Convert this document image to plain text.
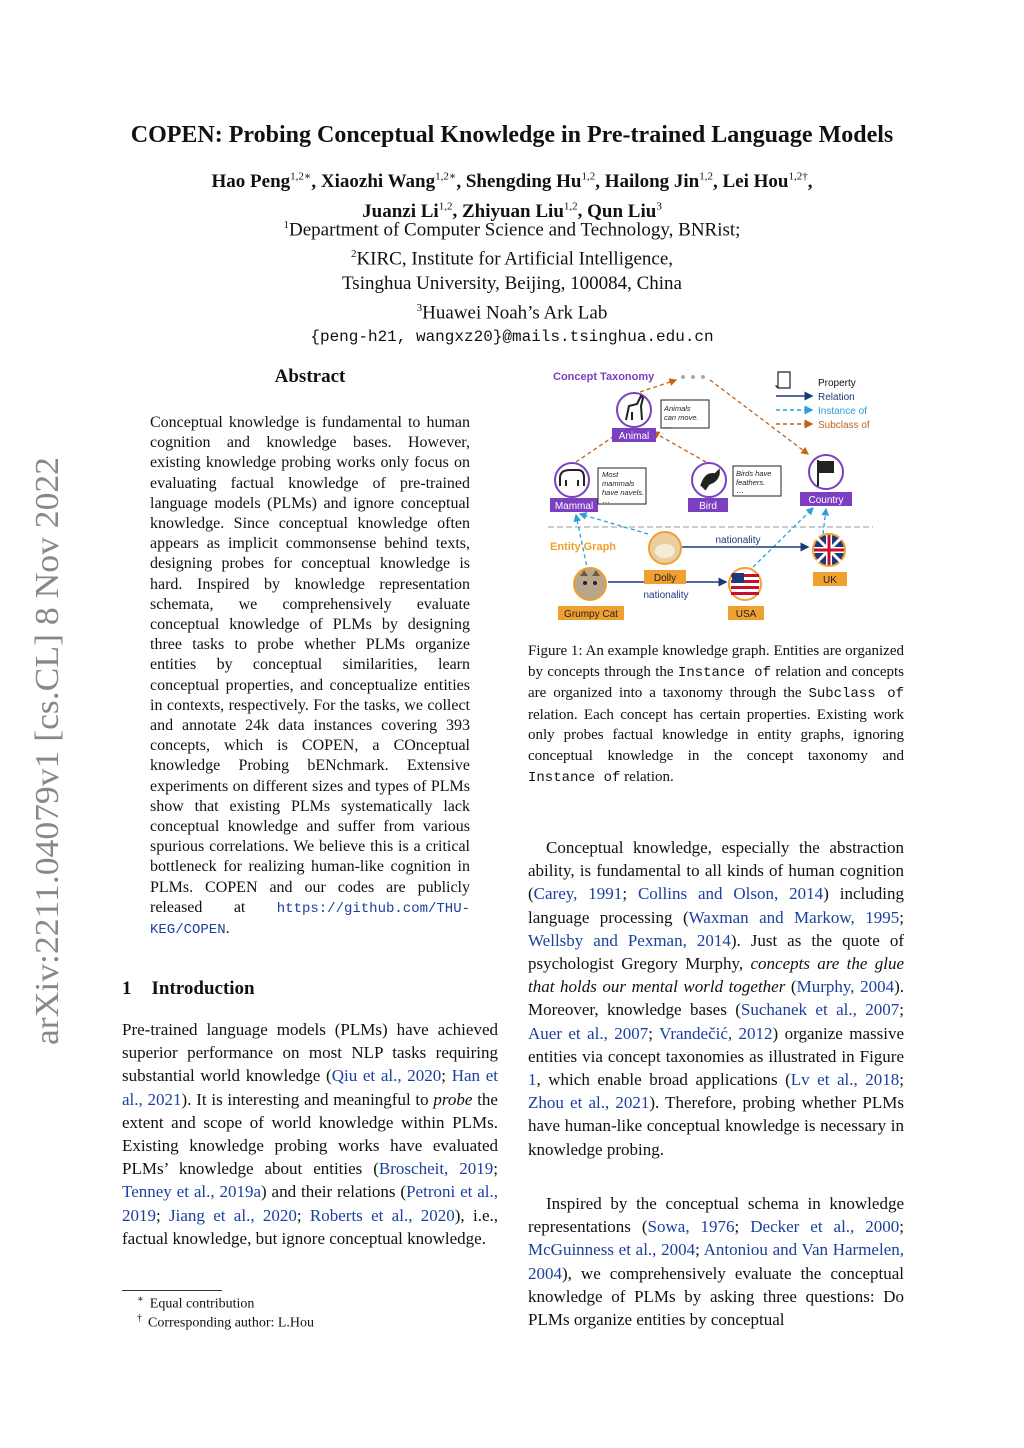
arXiv:2211.04079v1 [cs.CL] 8 Nov 2022
COPEN: Probing Conceptual Knowledge in Pre-trained Language Models
Hao Peng$^{1,2∗}$, Xiaozhi Wang$^{1,2∗}$, Shengding Hu$^{1,2}$, Hailong Jin$^{1,2}$, Lei Hou$^{1,2\dagger}$,
Juanzi Li$^{1,2}$, Zhiyuan Liu$^{1,2}$, Qun Liu$^3$
$^1$Department of Computer Science and Technology, BNRist;
$^2$KIRC, Institute for Artificial Intelligence,
Tsinghua University, Beijing, 100084, China
$^3$Huawei Noah’s Ark Lab
{peng-h21, wangxz20}@mails.tsinghua.edu.cn
Abstract
Conceptual knowledge is fundamental to human cognition and knowledge bases. However, existing knowledge probing works only focus on evaluating factual knowledge of pre-trained language models (PLMs) and ignore conceptual knowledge. Since conceptual knowledge often appears as implicit commonsense behind texts, designing probes for conceptual knowledge is hard. Inspired by knowledge representation schemata, we comprehensively evaluate conceptual knowledge of PLMs by designing three tasks to probe whether PLMs organize entities by conceptual similarities, learn conceptual properties, and conceptualize entities in contexts, respectively. For the tasks, we collect and annotate 24k data instances covering 393 concepts, which is COPEN, a COnceptual knowledge Probing bENchmark. Extensive experiments on different sizes and types of PLMs show that existing PLMs systematically lack conceptual knowledge and suffer from various spurious correlations. We believe this is a critical bottleneck for realizing human-like cognition in PLMs. COPEN and our codes are publicly released at https://github.com/THU-KEG/COPEN.
1 Introduction
Pre-trained language models (PLMs) have achieved superior performance on most NLP tasks requiring substantial world knowledge (Qiu et al., 2020; Han et al., 2021). It is interesting and meaningful to probe the extent and scope of world knowledge within PLMs. Existing knowledge probing works have evaluated PLMs’ knowledge about entities (Broscheit, 2019; Tenney et al., 2019a) and their relations (Petroni et al., 2019; Jiang et al., 2020; Roberts et al., 2020), i.e., factual knowledge, but ignore conceptual knowledge.
∗ Equal contribution
† Corresponding author: L.Hou
Concept Taxonomy
Property
Relation
Instance of
Subclass of
Animal
Animals
can move.
…
Mammal
Most
mammals
have navels.
…
Bird
Birds have
feathers.
…
Country
Entity Graph
nationality
nationality
Dolly
Grumpy Cat	USA
UK
Figure 1: An example knowledge graph. Entities are organized by concepts through the Instance of relation and concepts are organized into a taxonomy through the Subclass of relation. Each concept has certain properties. Existing work only probes factual knowledge in entity graphs, ignoring conceptual knowledge in the concept taxonomy and Instance of relation.
Conceptual knowledge, especially the abstraction ability, is fundamental to all kinds of human cognition (Carey, 1991; Collins and Olson, 2014) including language processing (Waxman and Markow, 1995; Wellsby and Pexman, 2014). Just as the quote of psychologist Gregory Murphy, concepts are the glue that holds our mental world together (Murphy, 2004). Moreover, knowledge bases (Suchanek et al., 2007; Auer et al., 2007; Vrandečić, 2012) organize massive entities via concept taxonomies as illustrated in Figure 1, which enable broad applications (Lv et al., 2018; Zhou et al., 2021). Therefore, probing whether PLMs have human-like conceptual knowledge is necessary in knowledge probing.
Inspired by the conceptual schema in knowledge representations (Sowa, 1976; Decker et al., 2000; McGuinness et al., 2004; Antoniou and Van Harmelen, 2004), we comprehensively evaluate the conceptual knowledge of PLMs by asking three questions: Do PLMs organize entities by conceptual
